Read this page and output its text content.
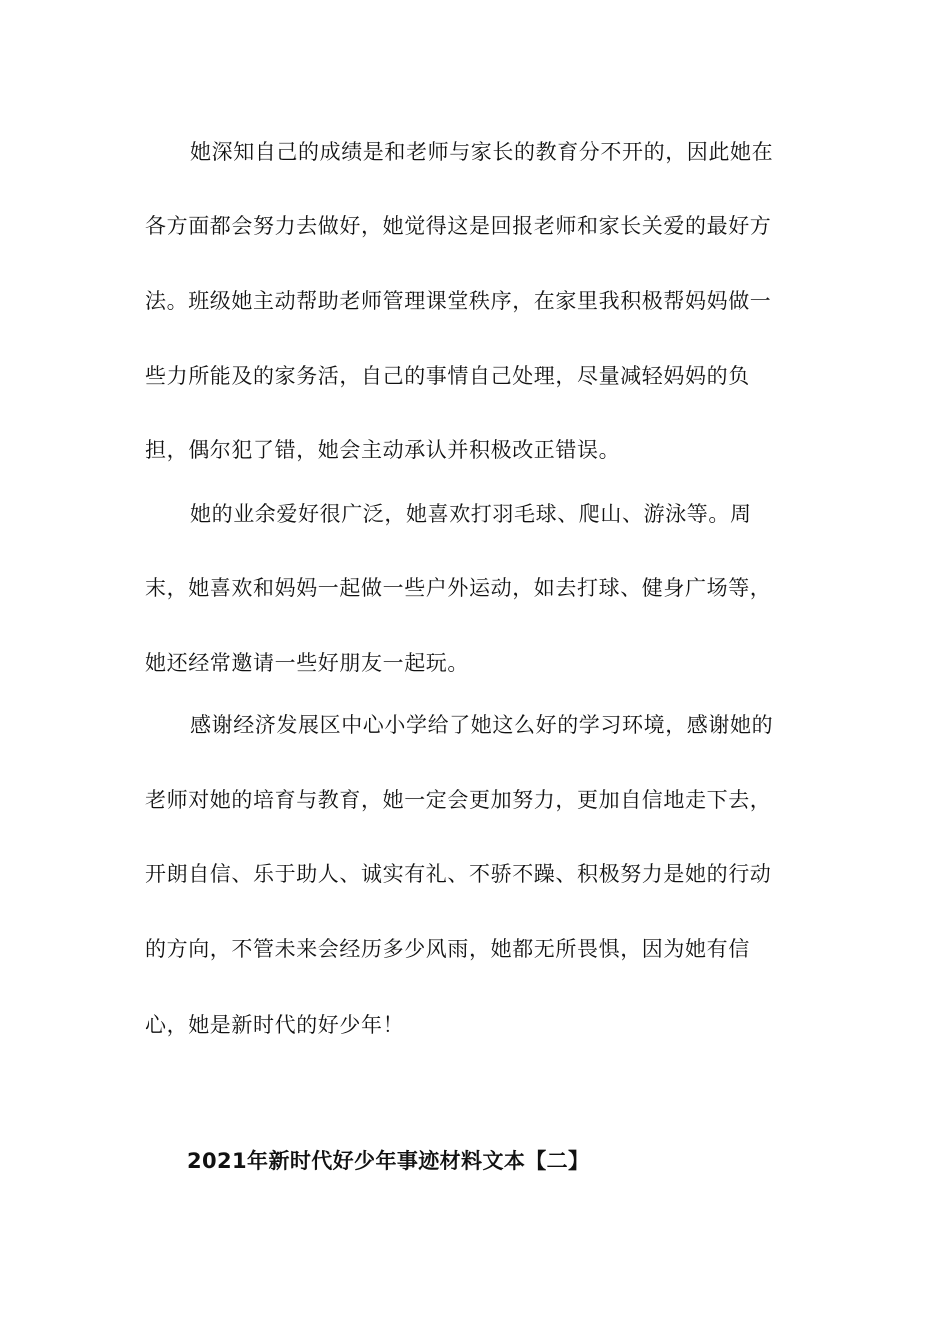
她深知自己的成绩是和老师与家长的教育分不开的，因此她在
各方面都会努力去做好，她觉得这是回报老师和家长关爱的最好方
法。班级她主动帮助老师管理课堂秩序，在家里我积极帮妈妈做一
些力所能及的家务活，自己的事情自己处理，尽量减轻妈妈的负
担，偶尔犯了错，她会主动承认并积极改正错误。
她的业余爱好很广泛，她喜欢打羽毛球、爬山、游泳等。周
末，她喜欢和妈妈一起做一些户外运动，如去打球、健身广场等，
她还经常邀请一些好朋友一起玩。
感谢经济发展区中心小学给了她这么好的学习环境，感谢她的
老师对她的培育与教育，她一定会更加努力，更加自信地走下去，
开朗自信、乐于助人、诚实有礼、不骄不躁、积极努力是她的行动
的方向，不管未来会经历多少风雨，她都无所畏惧，因为她有信
心，她是新时代的好少年！
2021年新时代好少年事迹材料文本【二】
